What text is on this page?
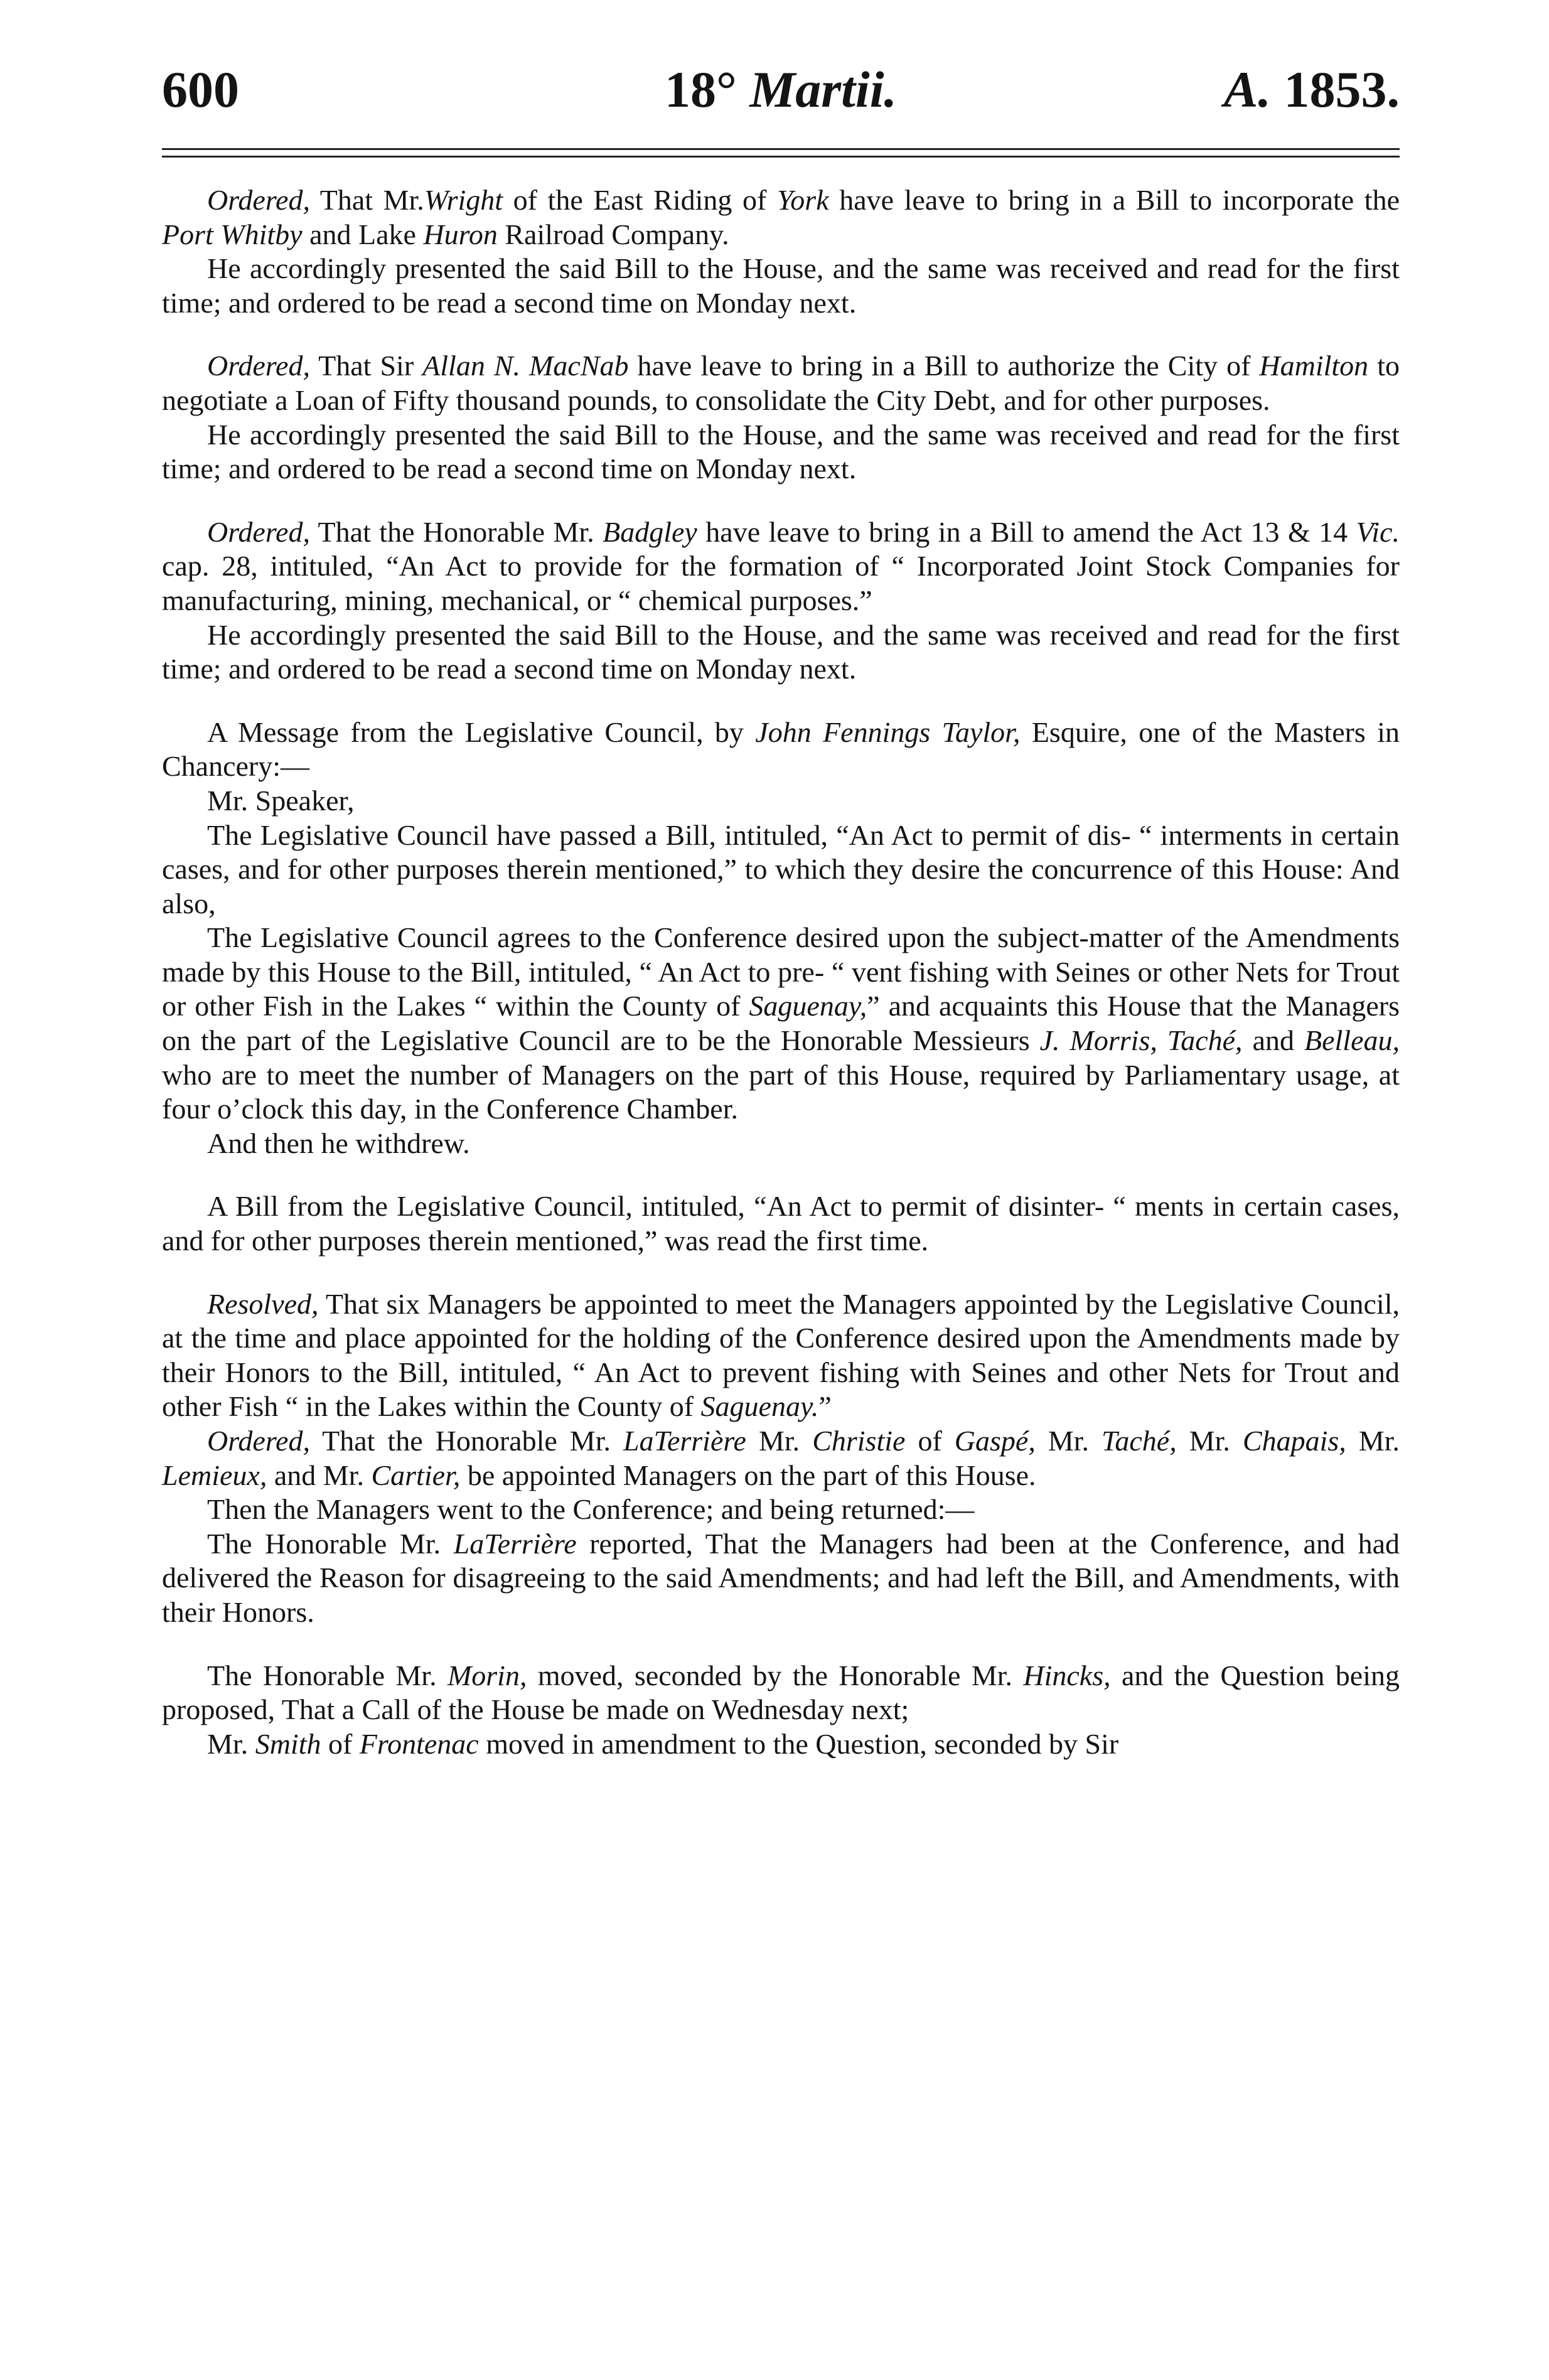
600	18° Martii.	A. 1853.

Ordered, That Mr.Wright of the East Riding of York have leave to bring in a Bill to incorporate the Port Whitby and Lake Huron Railroad Company.

He accordingly presented the said Bill to the House, and the same was received and read for the first time; and ordered to be read a second time on Monday next.

Ordered, That Sir Allan N. MacNab have leave to bring in a Bill to authorize the City of Hamilton to negotiate a Loan of Fifty thousand pounds, to consolidate the City Debt, and for other purposes.

He accordingly presented the said Bill to the House, and the same was received and read for the first time; and ordered to be read a second time on Monday next.

Ordered, That the Honorable Mr. Badgley have leave to bring in a Bill to amend the Act 13 & 14 Vic. cap. 28, intituled, “An Act to provide for the formation of “ Incorporated Joint Stock Companies for manufacturing, mining, mechanical, or “ chemical purposes.”

He accordingly presented the said Bill to the House, and the same was received and read for the first time; and ordered to be read a second time on Monday next.

A Message from the Legislative Council, by John Fennings Taylor, Esquire, one of the Masters in Chancery:—

Mr. Speaker,

The Legislative Council have passed a Bill, intituled, “An Act to permit of dis- “ interments in certain cases, and for other purposes therein mentioned,” to which they desire the concurrence of this House: And also,

The Legislative Council agrees to the Conference desired upon the subject-matter of the Amendments made by this House to the Bill, intituled, “ An Act to pre- “ vent fishing with Seines or other Nets for Trout or other Fish in the Lakes “ within the County of Saguenay,” and acquaints this House that the Managers on the part of the Legislative Council are to be the Honorable Messieurs J. Morris, Taché, and Belleau, who are to meet the number of Managers on the part of this House, required by Parliamentary usage, at four o’clock this day, in the Conference Chamber.

And then he withdrew.

A Bill from the Legislative Council, intituled, “An Act to permit of disinter- “ ments in certain cases, and for other purposes therein mentioned,” was read the first time.

Resolved, That six Managers be appointed to meet the Managers appointed by the Legislative Council, at the time and place appointed for the holding of the Conference desired upon the Amendments made by their Honors to the Bill, intituled, “ An Act to prevent fishing with Seines and other Nets for Trout and other Fish “ in the Lakes within the County of Saguenay.”

Ordered, That the Honorable Mr. LaTerrière Mr. Christie of Gaspé, Mr. Taché, Mr. Chapais, Mr. Lemieux, and Mr. Cartier, be appointed Managers on the part of this House.

Then the Managers went to the Conference; and being returned:—

The Honorable Mr. LaTerrière reported, That the Managers had been at the Conference, and had delivered the Reason for disagreeing to the said Amendments; and had left the Bill, and Amendments, with their Honors.

The Honorable Mr. Morin, moved, seconded by the Honorable Mr. Hincks, and the Question being proposed, That a Call of the House be made on Wednesday next;

Mr. Smith of Frontenac moved in amendment to the Question, seconded by Sir
